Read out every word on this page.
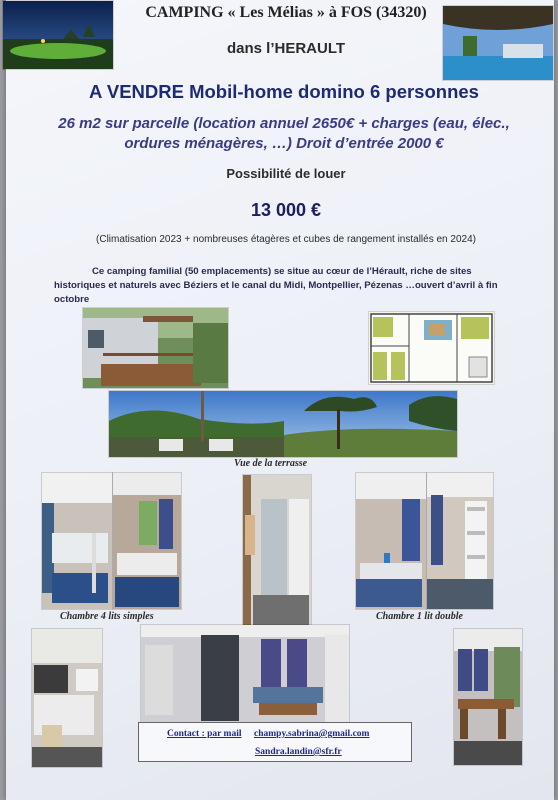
CAMPING « Les Mélias » à FOS (34320)
dans l’HERAULT
A VENDRE Mobil-home domino 6 personnes
26 m2 sur parcelle (location annuel 2650€ + charges (eau, élec., ordures ménagères, …) Droit d’entrée 2000 €
Possibilité de louer
13 000 €
(Climatisation 2023 + nombreuses étagères et cubes de rangement installés en 2024)
Ce camping familial (50 emplacements) se situe au cœur de l’Hérault, riche de sites historiques et naturels avec Béziers et le canal du Midi, Montpellier, Pézenas …ouvert d’avril à fin octobre
Vue de la terrasse
Chambre 4 lits simples	Chambre 1 lit double
Contact : par mail champy.sabrina@gmail.com
Sandra.landin@sfr.fr
